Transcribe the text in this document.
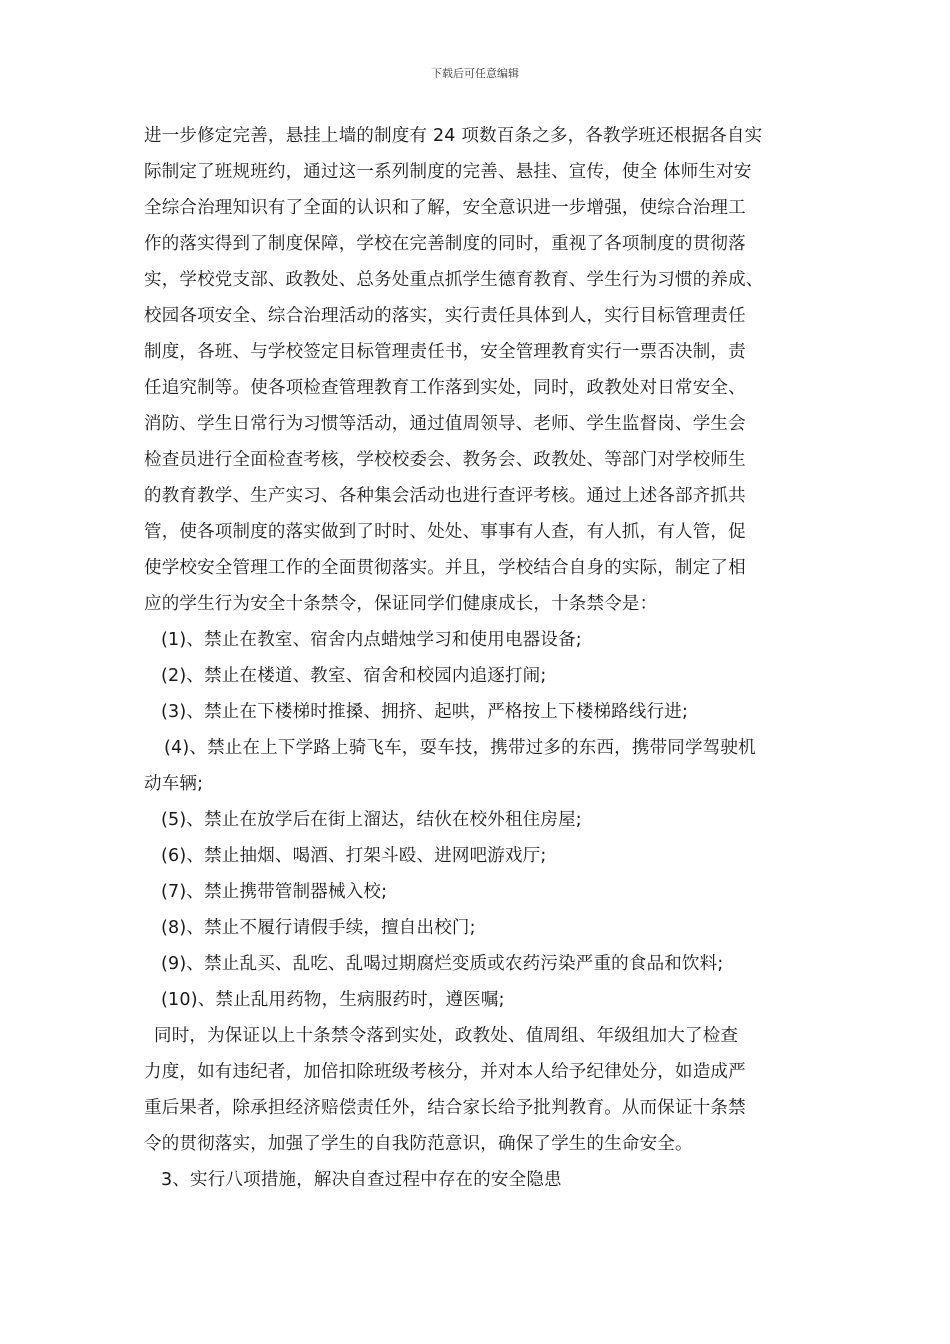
下载后可任意编辑
进一步修定完善，悬挂上墙的制度有 24 项数百条之多，各教学班还根据各自实
际制定了班规班约，通过这一系列制度的完善、悬挂、宣传，使全 体师生对安
全综合治理知识有了全面的认识和了解，安全意识进一步增强，使综合治理工
作的落实得到了制度保障，学校在完善制度的同时，重视了各项制度的贯彻落
实，学校党支部、政教处、总务处重点抓学生德育教育、学生行为习惯的养成、
校园各项安全、综合治理活动的落实，实行责任具体到人，实行目标管理责任
制度，各班、与学校签定目标管理责任书，安全管理教育实行一票否决制，责
任追究制等。使各项检查管理教育工作落到实处，同时，政教处对日常安全、
消防、学生日常行为习惯等活动，通过值周领导、老师、学生监督岗、学生会
检查员进行全面检查考核，学校校委会、教务会、政教处、等部门对学校师生
的教育教学、生产实习、各种集会活动也进行查评考核。通过上述各部齐抓共
管，使各项制度的落实做到了时时、处处、事事有人查，有人抓，有人管，促
使学校安全管理工作的全面贯彻落实。并且，学校结合自身的实际，制定了相
应的学生行为安全十条禁令，保证同学们健康成长，十条禁令是：
(1)、禁止在教室、宿舍内点蜡烛学习和使用电器设备;
(2)、禁止在楼道、教室、宿舍和校园内追逐打闹;
(3)、禁止在下楼梯时推搡、拥挤、起哄，严格按上下楼梯路线行进;
(4)、禁止在上下学路上骑飞车，耍车技，携带过多的东西，携带同学驾驶机
动车辆;
(5)、禁止在放学后在街上溜达，结伙在校外租住房屋;
(6)、禁止抽烟、喝酒、打架斗殴、进网吧游戏厅;
(7)、禁止携带管制器械入校;
(8)、禁止不履行请假手续，擅自出校门;
(9)、禁止乱买、乱吃、乱喝过期腐烂变质或农药污染严重的食品和饮料;
(10)、禁止乱用药物，生病服药时，遵医嘱;
同时，为保证以上十条禁令落到实处，政教处、值周组、年级组加大了检查
力度，如有违纪者，加倍扣除班级考核分，并对本人给予纪律处分，如造成严
重后果者，除承担经济赔偿责任外，结合家长给予批判教育。从而保证十条禁
令的贯彻落实，加强了学生的自我防范意识，确保了学生的生命安全。
3、实行八项措施，解决自查过程中存在的安全隐患
